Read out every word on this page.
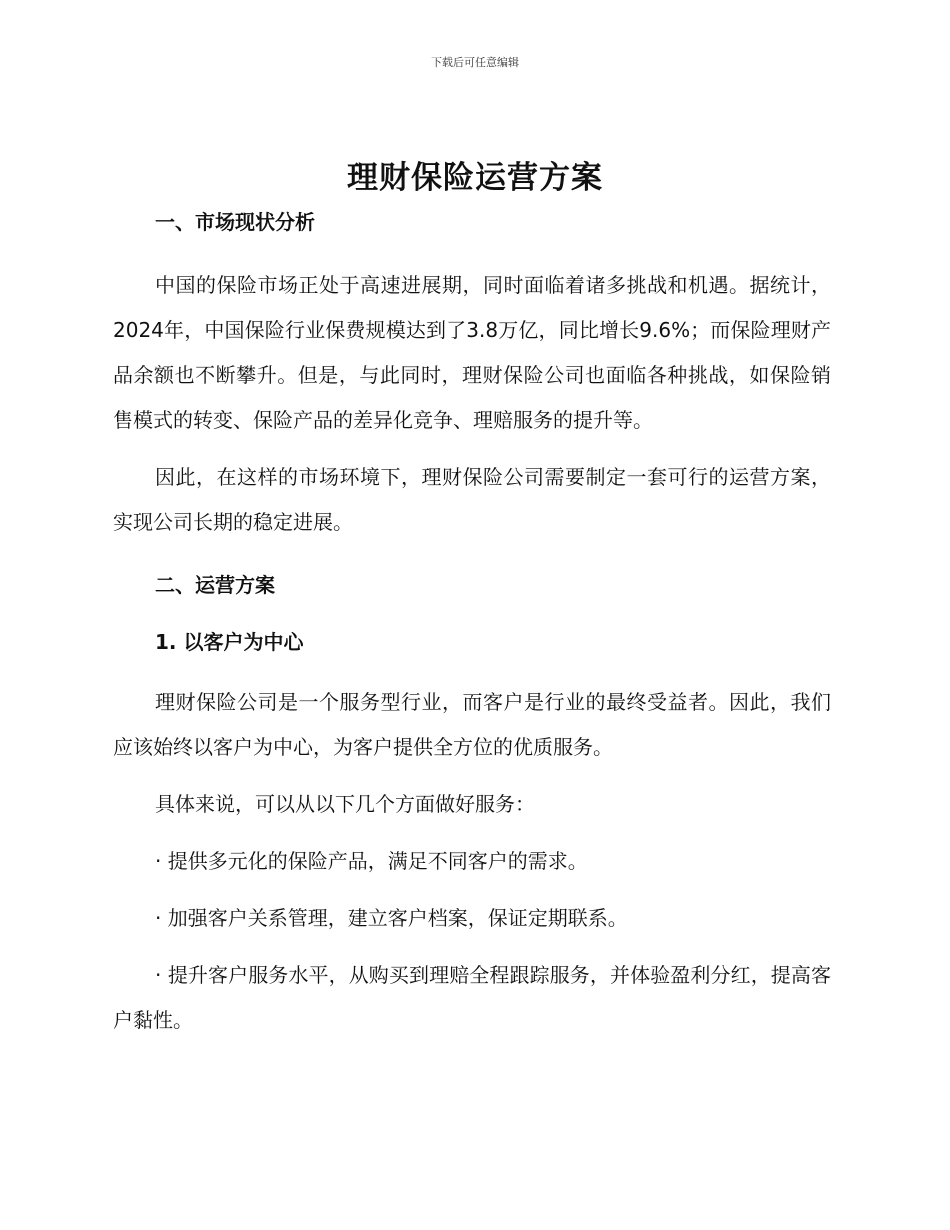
下载后可任意编辑
理财保险运营方案

一、市场现状分析

中国的保险市场正处于高速进展期，同时面临着诸多挑战和机遇。据统计，2024年，中国保险行业保费规模达到了3.8万亿，同比增长9.6%；而保险理财产品余额也不断攀升。但是，与此同时，理财保险公司也面临各种挑战，如保险销售模式的转变、保险产品的差异化竞争、理赔服务的提升等。

因此，在这样的市场环境下，理财保险公司需要制定一套可行的运营方案，实现公司长期的稳定进展。

二、运营方案

1. 以客户为中心

理财保险公司是一个服务型行业，而客户是行业的最终受益者。因此，我们应该始终以客户为中心，为客户提供全方位的优质服务。

具体来说，可以从以下几个方面做好服务：

· 提供多元化的保险产品，满足不同客户的需求。

· 加强客户关系管理，建立客户档案，保证定期联系。

· 提升客户服务水平，从购买到理赔全程跟踪服务，并体验盈利分红，提高客户黏性。
